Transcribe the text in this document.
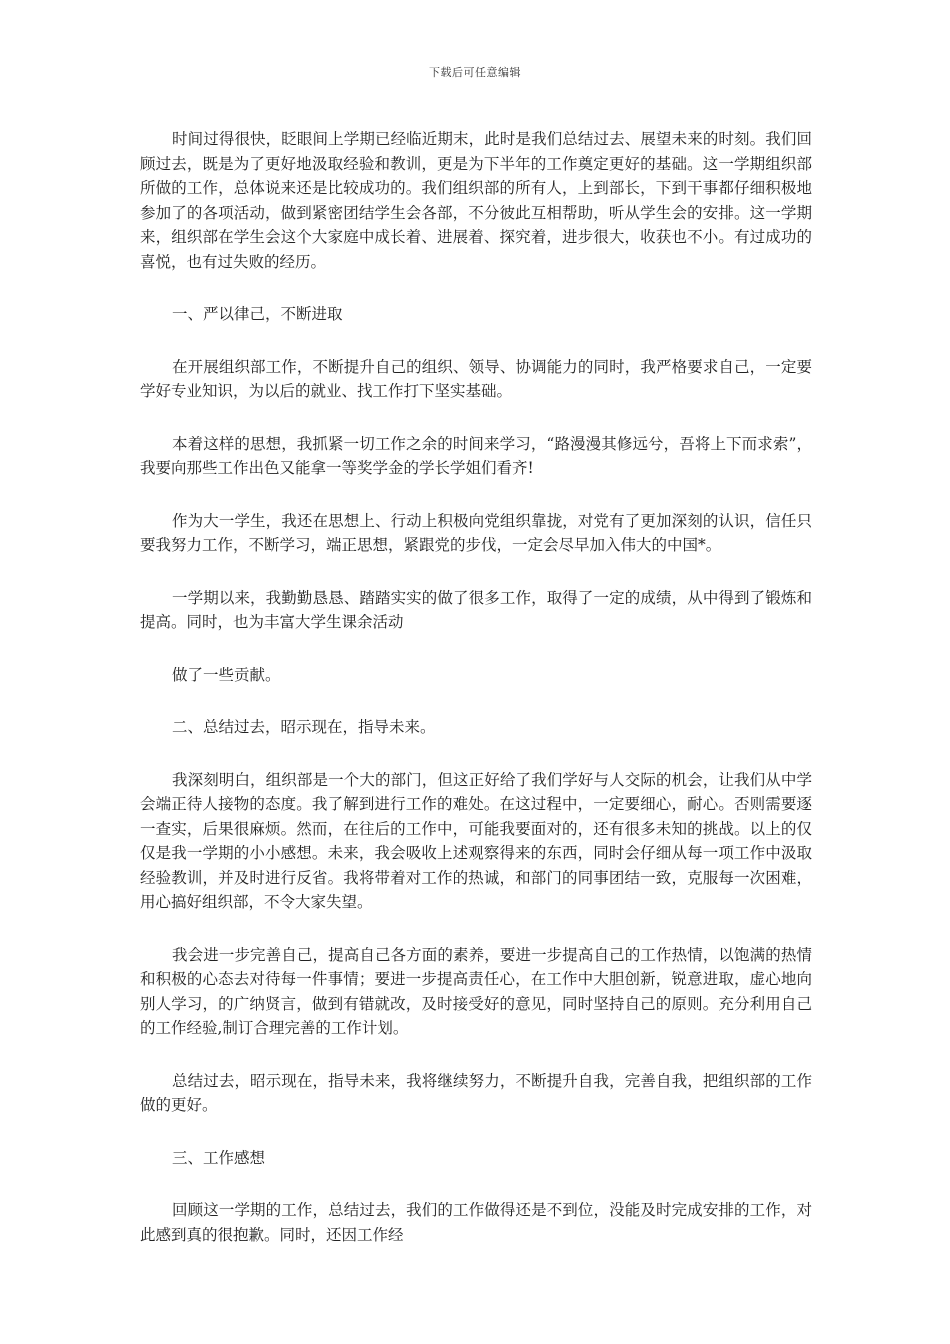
下载后可任意编辑

时间过得很快，眨眼间上学期已经临近期末，此时是我们总结过去、展望未来的时刻。我们回顾过去，既是为了更好地汲取经验和教训，更是为下半年的工作奠定更好的基础。这一学期组织部所做的工作，总体说来还是比较成功的。我们组织部的所有人，上到部长，下到干事都仔细积极地参加了的各项活动，做到紧密团结学生会各部，不分彼此互相帮助，听从学生会的安排。这一学期来，组织部在学生会这个大家庭中成长着、进展着、探究着，进步很大，收获也不小。有过成功的喜悦，也有过失败的经历。

一、严以律己，不断进取

在开展组织部工作，不断提升自己的组织、领导、协调能力的同时，我严格要求自己，一定要学好专业知识，为以后的就业、找工作打下坚实基础。

本着这样的思想，我抓紧一切工作之余的时间来学习，“路漫漫其修远兮，吾将上下而求索”，我要向那些工作出色又能拿一等奖学金的学长学姐们看齐!

作为大一学生，我还在思想上、行动上积极向党组织靠拢，对党有了更加深刻的认识，信任只要我努力工作，不断学习，端正思想，紧跟党的步伐，一定会尽早加入伟大的中国*。

一学期以来，我勤勤恳恳、踏踏实实的做了很多工作，取得了一定的成绩，从中得到了锻炼和提高。同时，也为丰富大学生课余活动

做了一些贡献。

二、总结过去，昭示现在，指导未来。

我深刻明白，组织部是一个大的部门，但这正好给了我们学好与人交际的机会，让我们从中学会端正待人接物的态度。我了解到进行工作的难处。在这过程中，一定要细心，耐心。否则需要逐一查实，后果很麻烦。然而，在往后的工作中，可能我要面对的，还有很多未知的挑战。以上的仅仅是我一学期的小小感想。未来，我会吸收上述观察得来的东西，同时会仔细从每一项工作中汲取经验教训，并及时进行反省。我将带着对工作的热诚，和部门的同事团结一致，克服每一次困难，用心搞好组织部，不令大家失望。

我会进一步完善自己，提高自己各方面的素养，要进一步提高自己的工作热情，以饱满的热情和积极的心态去对待每一件事情；要进一步提高责任心，在工作中大胆创新，锐意进取，虚心地向别人学习，的广纳贤言，做到有错就改，及时接受好的意见，同时坚持自己的原则。充分利用自己的工作经验,制订合理完善的工作计划。

总结过去，昭示现在，指导未来，我将继续努力，不断提升自我，完善自我，把组织部的工作做的更好。

三、工作感想

回顾这一学期的工作，总结过去，我们的工作做得还是不到位，没能及时完成安排的工作，对此感到真的很抱歉。同时，还因工作经
